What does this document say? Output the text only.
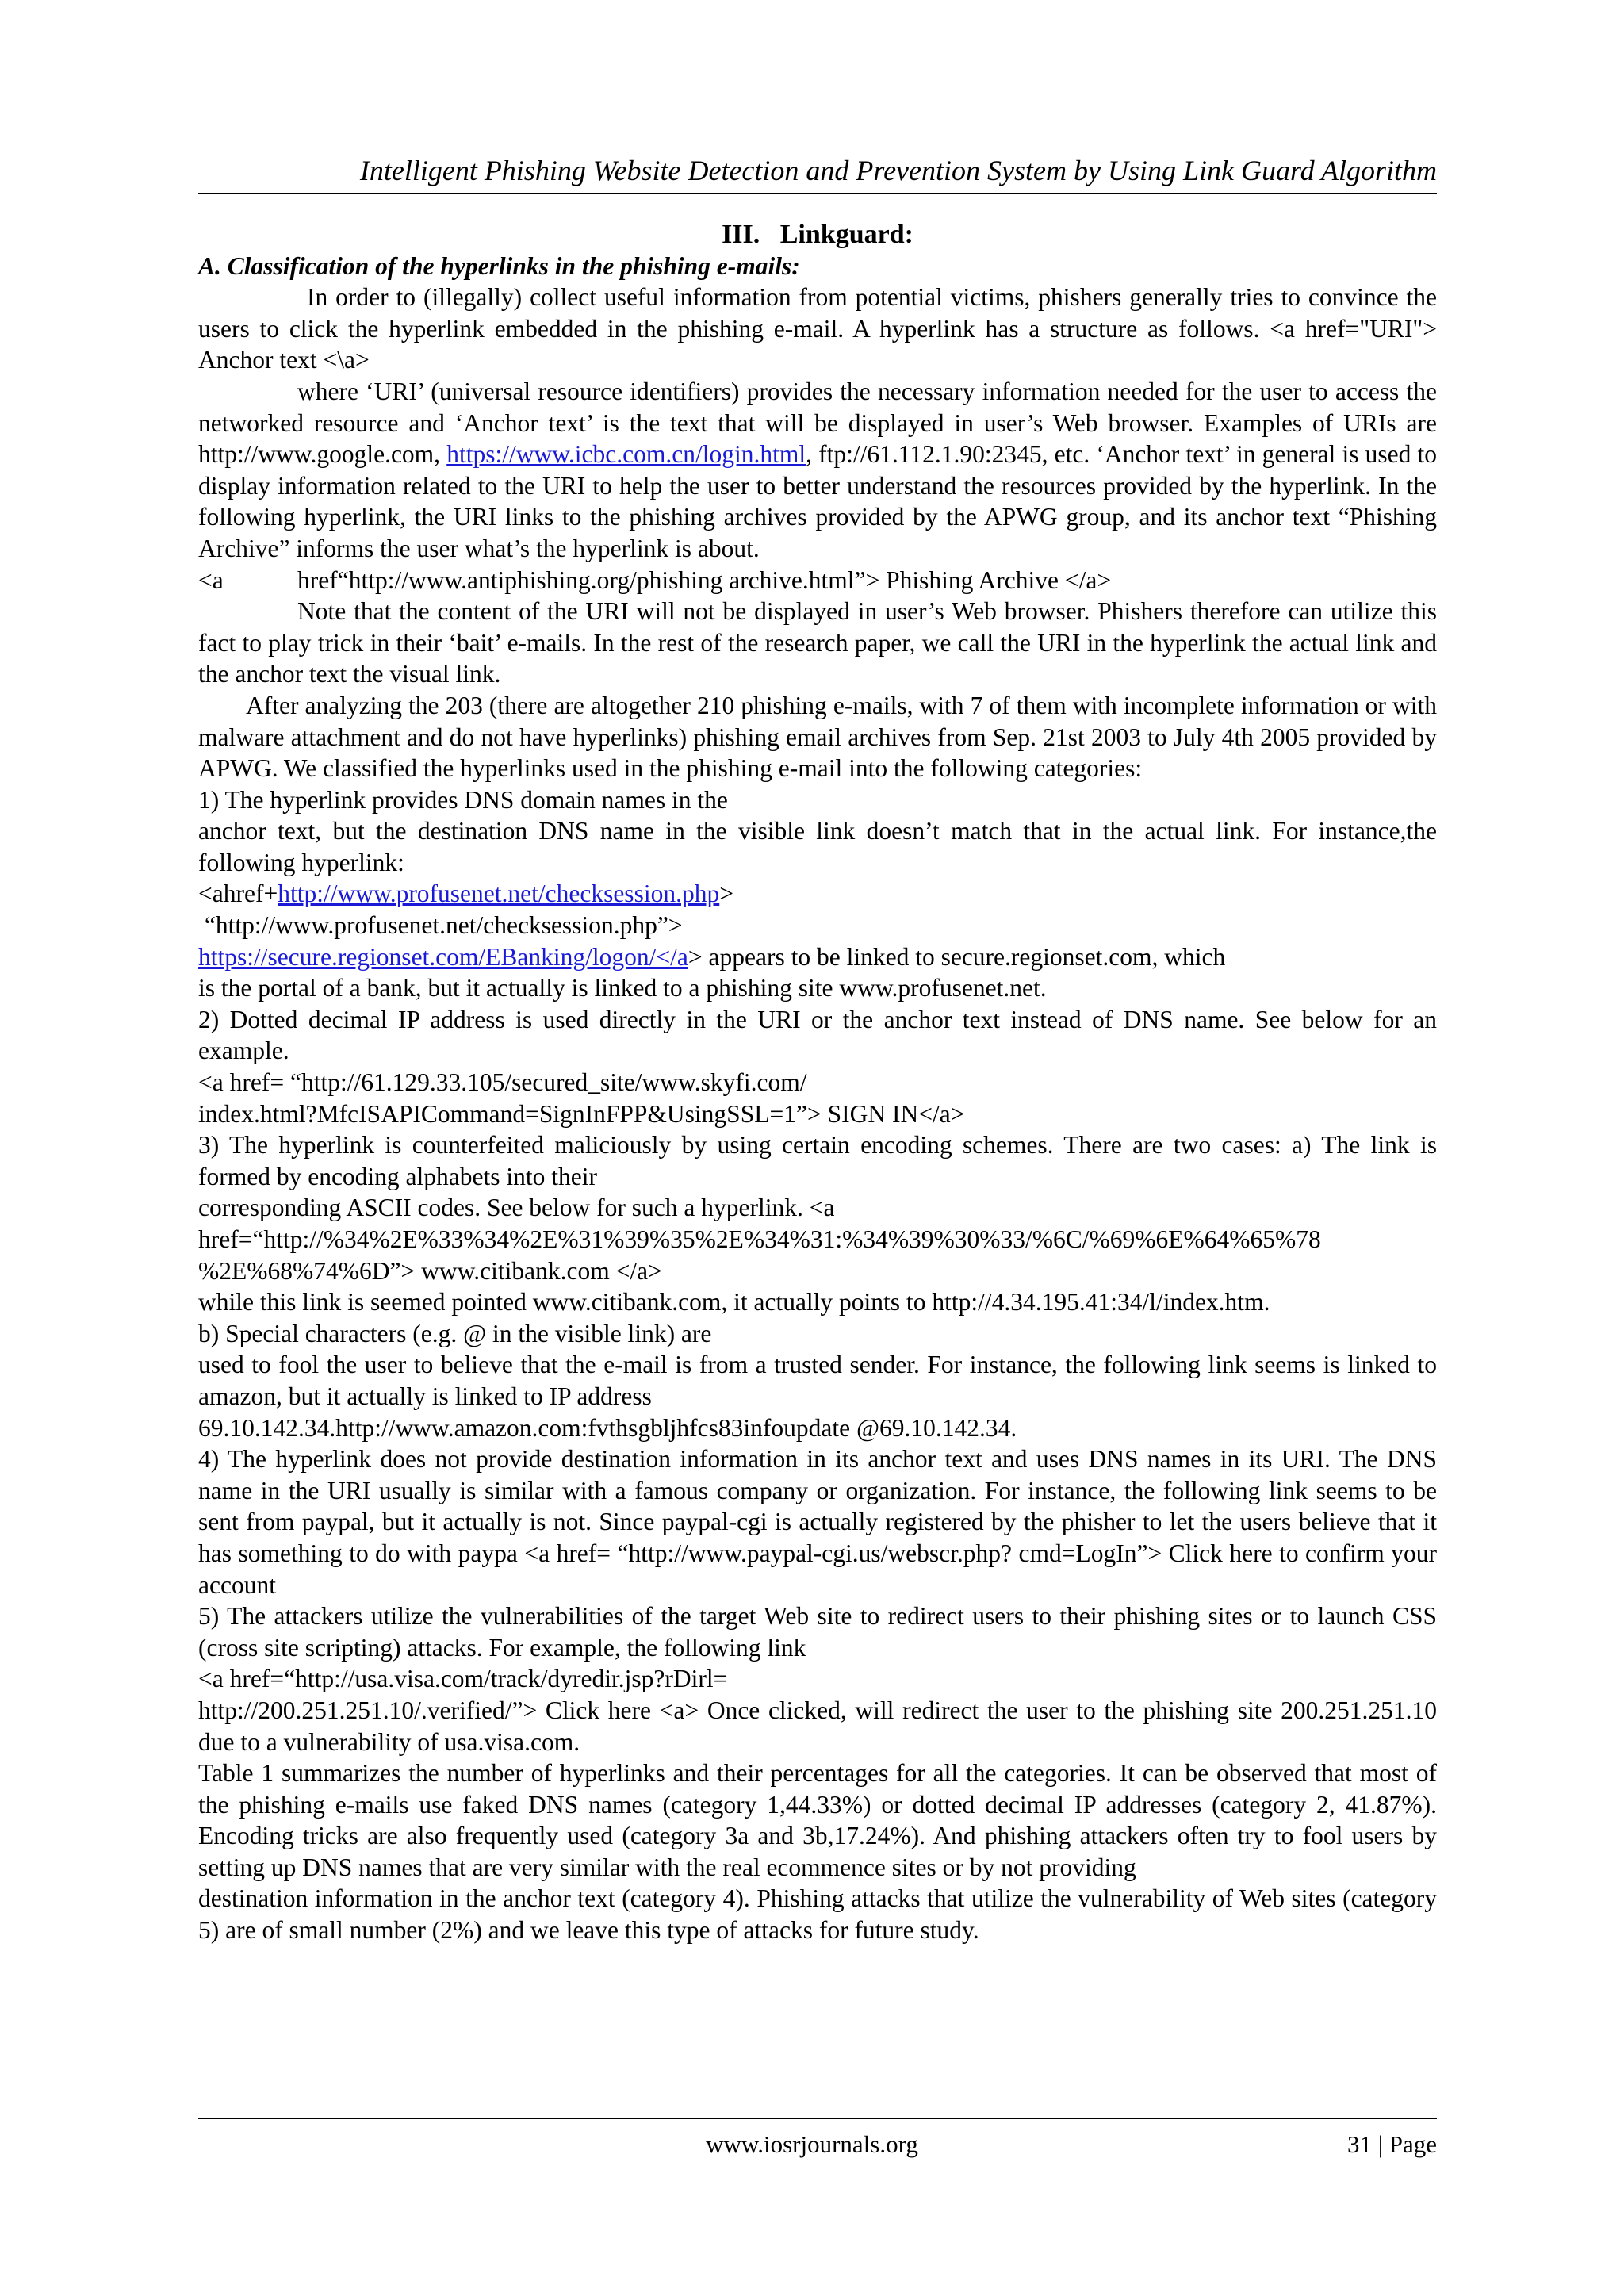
Intelligent Phishing Website Detection and Prevention System by Using Link Guard Algorithm

III.   Linkguard:

A. Classification of the hyperlinks in the phishing e-mails:

In order to (illegally) collect useful information from potential victims, phishers generally tries to convince the users to click the hyperlink embedded in the phishing e-mail. A hyperlink has a structure as follows. <a href="URI"> Anchor text <\a>

where ‘URI’ (universal resource identifiers) provides the necessary information needed for the user to access the networked resource and ‘Anchor text’ is the text that will be displayed in user’s Web browser. Examples of URIs are http://www.google.com, https://www.icbc.com.cn/login.html, ftp://61.112.1.90:2345, etc. ‘Anchor text’ in general is used to display information related to the URI to help the user to better understand the resources provided by the hyperlink. In the following hyperlink, the URI links to the phishing archives provided by the APWG group, and its anchor text “Phishing Archive” informs the user what’s the hyperlink is about.

<a	href“http://www.antiphishing.org/phishing archive.html”> Phishing Archive </a>

Note that the content of the URI will not be displayed in user’s Web browser. Phishers therefore can utilize this fact to play trick in their ‘bait’ e-mails. In the rest of the research paper, we call the URI in the hyperlink the actual link and the anchor text the visual link.

After analyzing the 203 (there are altogether 210 phishing e-mails, with 7 of them with incomplete information or with malware attachment and do not have hyperlinks) phishing email archives from Sep. 21st 2003 to July 4th 2005 provided by APWG. We classified the hyperlinks used in the phishing e-mail into the following categories:

1) The hyperlink provides DNS domain names in the

anchor text, but the destination DNS name in the visible link doesn’t match that in the actual link. For instance,the following hyperlink:

<ahref+http://www.profusenet.net/checksession.php>

“http://www.profusenet.net/checksession.php”>

https://secure.regionset.com/EBanking/logon/</a> appears to be linked to secure.regionset.com, which

is the portal of a bank, but it actually is linked to a phishing site www.profusenet.net.

2) Dotted decimal IP address is used directly in the URI or the anchor text instead of DNS name. See below for an example.

<a href= “http://61.129.33.105/secured_site/www.skyfi.com/

index.html?MfcISAPICommand=SignInFPP&UsingSSL=1”> SIGN IN</a>

3) The hyperlink is counterfeited maliciously by using certain encoding schemes. There are two cases: a) The link is formed by encoding alphabets into their

corresponding ASCII codes. See below for such a hyperlink. <a

href=“http://%34%2E%33%34%2E%31%39%35%2E%34%31:%34%39%30%33/%6C/%69%6E%64%65%78

%2E%68%74%6D”> www.citibank.com </a>

while this link is seemed pointed www.citibank.com, it actually points to http://4.34.195.41:34/l/index.htm.

b) Special characters (e.g. @ in the visible link) are

used to fool the user to believe that the e-mail is from a trusted sender. For instance, the following link seems is linked to amazon, but it actually is linked to IP address

69.10.142.34.http://www.amazon.com:fvthsgbljhfcs83infoupdate @69.10.142.34.

4) The hyperlink does not provide destination information in its anchor text and uses DNS names in its URI. The DNS name in the URI usually is similar with a famous company or organization. For instance, the following link seems to be sent from paypal, but it actually is not. Since paypal-cgi is actually registered by the phisher to let the users believe that it has something to do with paypa <a href= “http://www.paypal-cgi.us/webscr.php? cmd=LogIn”> Click here to confirm your account

5) The attackers utilize the vulnerabilities of the target Web site to redirect users to their phishing sites or to launch CSS (cross site scripting) attacks. For example, the following link

<a href=“http://usa.visa.com/track/dyredir.jsp?rDirl=

http://200.251.251.10/.verified/”> Click here <a> Once clicked, will redirect the user to the phishing site 200.251.251.10 due to a vulnerability of usa.visa.com.

Table 1 summarizes the number of hyperlinks and their percentages for all the categories. It can be observed that most of the phishing e-mails use faked DNS names (category 1,44.33%) or dotted decimal IP addresses (category 2, 41.87%). Encoding tricks are also frequently used (category 3a and 3b,17.24%). And phishing attackers often try to fool users by setting up DNS names that are very similar with the real ecommence sites or by not providing

destination information in the anchor text (category 4). Phishing attacks that utilize the vulnerability of Web sites (category 5) are of small number (2%) and we leave this type of attacks for future study.

www.iosrjournals.org	31 | Page
